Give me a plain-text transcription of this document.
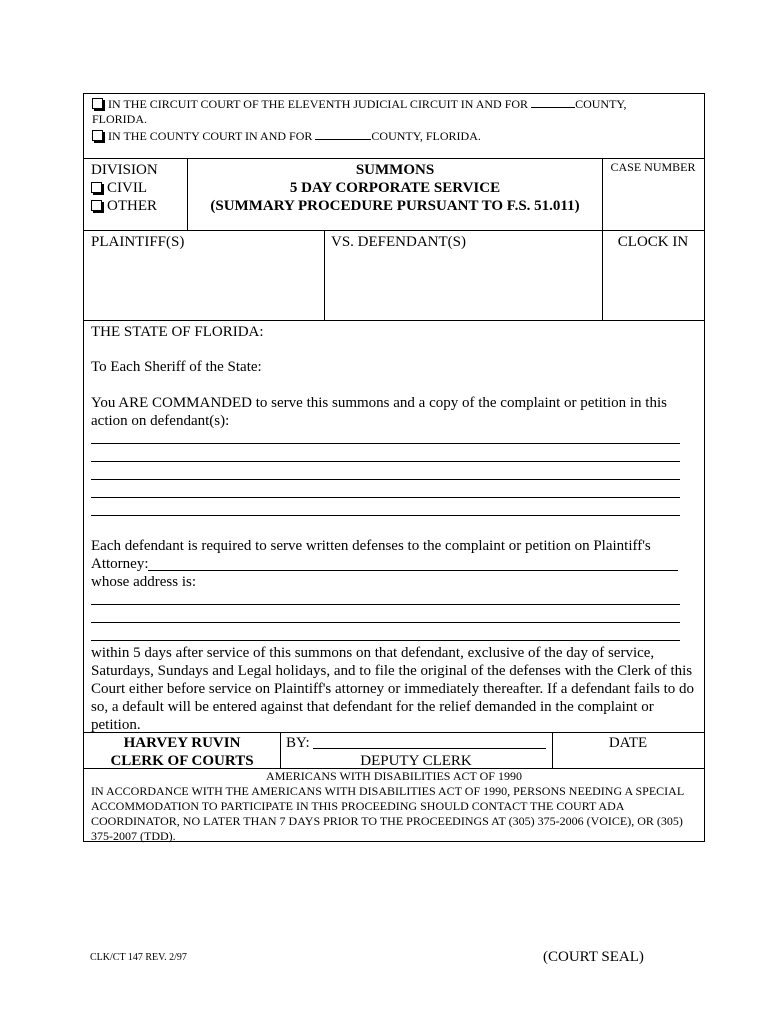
IN THE CIRCUIT COURT OF THE ELEVENTH JUDICIAL CIRCUIT IN AND FOR	COUNTY,
FLORIDA.
IN THE COUNTY COURT IN AND FOR	COUNTY, FLORIDA.
DIVISION
CIVIL
OTHER
SUMMONS
5 DAY CORPORATE SERVICE
(SUMMARY PROCEDURE PURSUANT TO F.S. 51.011)
CASE NUMBER
PLAINTIFF(S)	VS. DEFENDANT(S)	CLOCK IN
THE STATE OF FLORIDA:
To Each Sheriff of the State:
You ARE COMMANDED to serve this summons and a copy of the complaint or petition in this action on defendant(s):
Each defendant is required to serve written defenses to the complaint or petition on Plaintiff's
Attorney:
whose address is:
within 5 days after service of this summons on that defendant, exclusive of the day of service, Saturdays, Sundays and Legal holidays, and to file the original of the defenses with the Clerk of this Court either before service on Plaintiff's attorney or immediately thereafter. If a defendant fails to do so, a default will be entered against that defendant for the relief demanded in the complaint or petition.
HARVEY RUVIN
CLERK OF COURTS
BY:
DEPUTY CLERK
DATE
AMERICANS WITH DISABILITIES ACT OF 1990
IN ACCORDANCE WITH THE AMERICANS WITH DISABILITIES ACT OF 1990, PERSONS NEEDING A SPECIAL ACCOMMODATION TO PARTICIPATE IN THIS PROCEEDING SHOULD CONTACT THE COURT ADA COORDINATOR, NO LATER THAN 7 DAYS PRIOR TO THE PROCEEDINGS AT (305) 375-2006 (VOICE), OR (305) 375-2007 (TDD).
CLK/CT 147 REV. 2/97	(COURT SEAL)
